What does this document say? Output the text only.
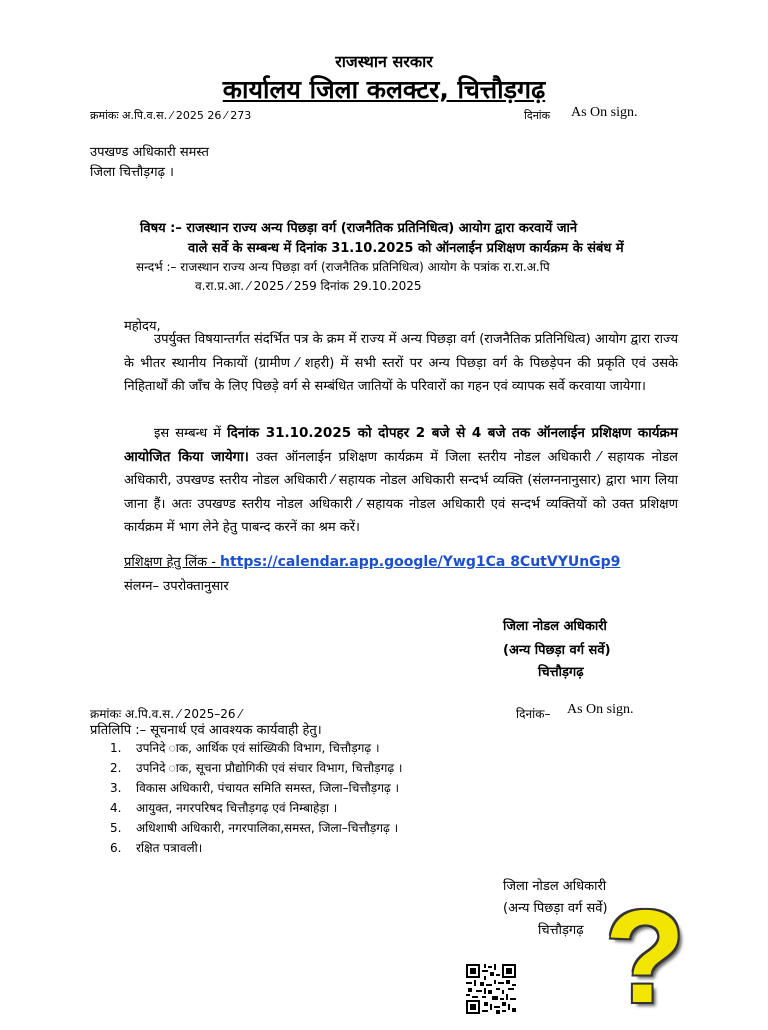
राजस्थान सरकार
कार्यालय जिला कलक्टर, चित्तौड़गढ़
क्रमांकः अ.पि.व.स. ⁄ 2025 26 ⁄ 273	दिनांक As On sign.
उपखण्ड अधिकारी समस्त
जिला चित्तौड़गढ़ ।
विषय :– राजस्थान राज्य अन्य पिछड़ा वर्ग (राजनैतिक प्रतिनिधित्व) आयोग द्वारा करवायें जाने
वाले सर्वे के सम्बन्ध में दिनांक 31.10.2025 को ऑनलाईन प्रशिक्षण कार्यक्रम के संबंध में
सन्दर्भ :– राजस्थान राज्य अन्य पिछड़ा वर्ग (राजनैतिक प्रतिनिधित्व) आयोग के पत्रांक रा.रा.अ.पि
व.रा.प्र.आ. ⁄ 2025 ⁄ 259 दिनांक 29.10.2025
महोदय,
उपर्युक्त विषयान्तर्गत संदर्भित पत्र के क्रम में राज्य में अन्य पिछड़ा वर्ग (राजनैतिक प्रतिनिधित्व) आयोग द्वारा राज्य के भीतर स्थानीय निकायों (ग्रामीण ⁄ शहरी) में सभी स्तरों पर अन्य पिछड़ा वर्ग के पिछड़ेपन की प्रकृति एवं उसके निहितार्थों की जाँच के लिए पिछड़े वर्ग से सम्बंधित जातियों के परिवारों का गहन एवं व्यापक सर्वे करवाया जायेगा।
इस सम्बन्ध में दिनांक 31.10.2025 को दोपहर 2 बजे से 4 बजे तक ऑनलाईन प्रशिक्षण कार्यक्रम आयोजित किया जायेगा। उक्त ऑनलाईन प्रशिक्षण कार्यक्रम में जिला स्तरीय नोडल अधिकारी ⁄ सहायक नोडल अधिकारी, उपखण्ड स्तरीय नोडल अधिकारी ⁄ सहायक नोडल अधिकारी सन्दर्भ व्यक्ति (संलग्ननानुसार) द्वारा भाग लिया जाना हैं। अतः उपखण्ड स्तरीय नोडल अधिकारी ⁄ सहायक नोडल अधिकारी एवं सन्दर्भ व्यक्तियों को उक्त प्रशिक्षण कार्यक्रम में भाग लेने हेतु पाबन्द करनें का श्रम करें।
प्रशिक्षण हेतु लिंक - https://calendar.app.google/Ywg1Ca 8CutVYUnGp9
संलग्न– उपरोक्तानुसार
जिला नोडल अधिकारी
(अन्य पिछड़ा वर्ग सर्वे)
चित्तौड़गढ़
क्रमांकः अ.पि.व.स. ⁄ 2025–26 ⁄	दिनांक– As On sign.
प्रतिलिपि :– सूचनार्थ एवं आवश्यक कार्यवाही हेतु।
1. उपनिदे ाक, आर्थिक एवं सांख्यिकी विभाग, चित्तौड़गढ़ ।
2. उपनिदे ाक, सूचना प्रौद्योगिकी एवं संचार विभाग, चित्तौड़गढ़ ।
3. विकास अधिकारी, पंचायत समिति समस्त, जिला–चित्तौड़गढ़ ।
4. आयुक्त, नगरपरिषद चित्तौड़गढ़ एवं निम्बाहेड़ा ।
5. अधिशाषी अधिकारी, नगरपालिका,समस्त, जिला–चित्तौड़गढ़ ।
6. रक्षित पत्रावली।
जिला नोडल अधिकारी
(अन्य पिछड़ा वर्ग सर्वे)
चित्तौड़गढ़ ?
